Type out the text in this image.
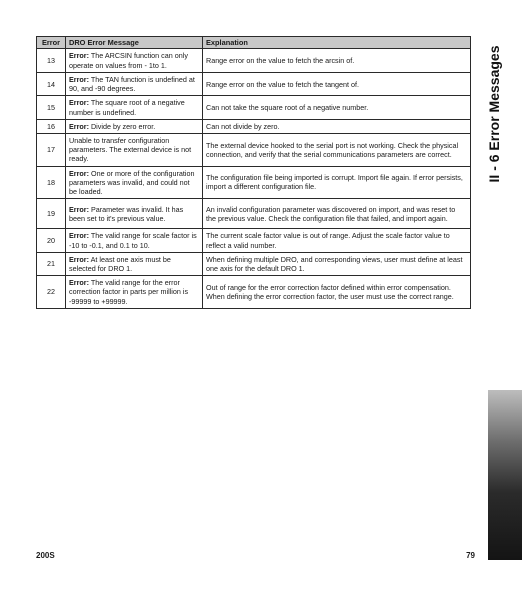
Error	DRO Error Message	Explanation
13	Error: The ARCSIN function can only operate on values from - 1to 1.	Range error on the value to fetch the arcsin of.
14	Error: The TAN function is undefined at 90, and -90 degrees.	Range error on the value to fetch the tangent of.
15	Error: The square root of a negative number is undefined.	Can not take the square root of a negative number.
16	Error: Divide by zero error.	Can not divide by zero.
17	Unable to transfer configuration parameters. The external device is not ready.	The external device hooked to the serial port is not working. Check the physical connection, and verify that the serial communications parameters are correct.
18	Error: One or more of the configuration parameters was invalid, and could not be loaded.	The configuration file being imported is corrupt. Import file again. If error persists, import a different configuration file.
19	Error: Parameter was invalid. It has been set to it's previous value.	An invalid configuration parameter was discovered on import, and was reset to the previous value. Check the configuration file that failed, and import again.
20	Error: The valid range for scale factor is -10 to -0.1, and 0.1 to 10.	The current scale factor value is out of range. Adjust the scale factor value to reflect a valid number.
21	Error: At least one axis must be selected for DRO 1.	When defining multiple DRO, and corresponding views, user must define at least one axis for the default DRO 1.
22	Error: The valid range for the error correction factor in parts per million is -99999 to +99999.	Out of range for the error correction factor defined within error compensation. When defining the error correction factor, the user must use the correct range.
II - 6 Error Messages
200S	79
